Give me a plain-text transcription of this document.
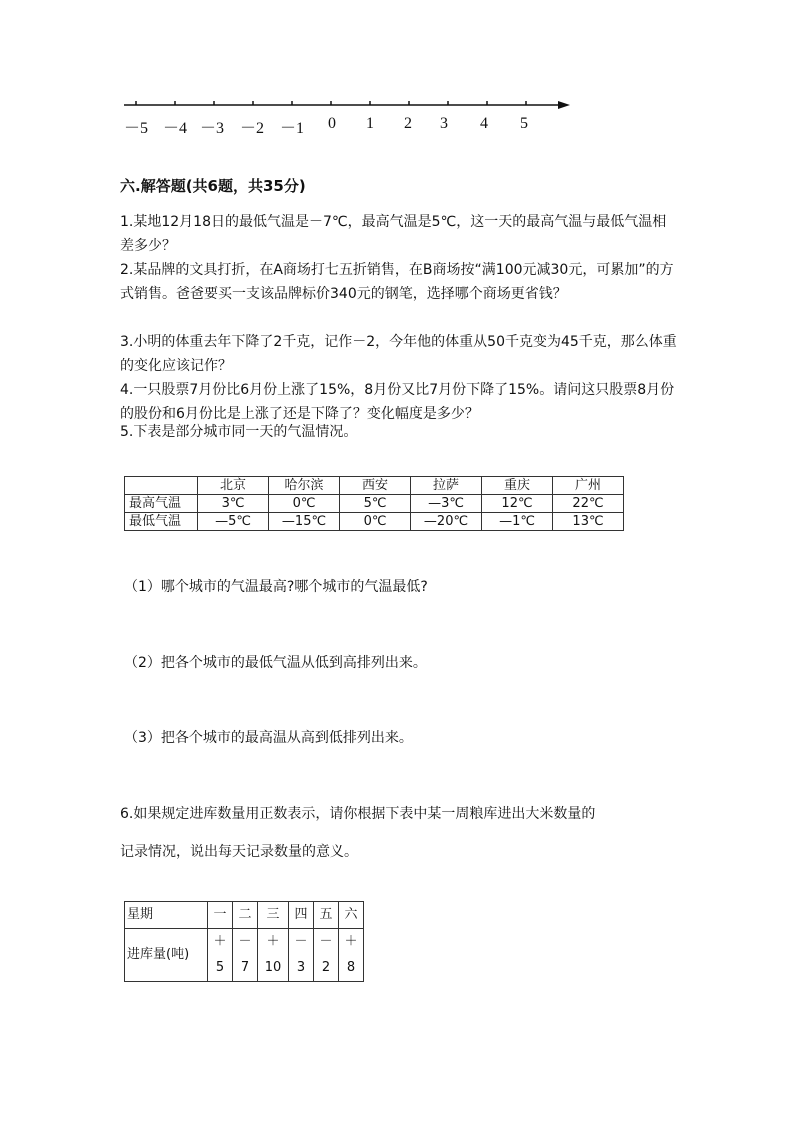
－5 －4 －3 －2 －1 0 1 2 3 4 5
六.解答题(共6题，共35分)
1.某地12月18日的最低气温是－7℃，最高气温是5℃，这一天的最高气温与最低气温相差多少？
2.某品牌的文具打折，在A商场打七五折销售，在B商场按“满100元减30元，可累加”的方式销售。爸爸要买一支该品牌标价340元的钢笔，选择哪个商场更省钱？
3.小明的体重去年下降了2千克，记作－2，今年他的体重从50千克变为45千克，那么体重的变化应该记作？
4.一只股票7月份比6月份上涨了15%，8月份又比7月份下降了15%。请问这只股票8月份的股份和6月份比是上涨了还是下降了？变化幅度是多少？
5.下表是部分城市同一天的气温情况。
	北京	哈尔滨	西安	拉萨	重庆	广州
最高气温	3℃	0℃	5℃	—3℃	12℃	22℃
最低气温	—5℃	—15℃	0℃	—20℃	—1℃	13℃
（1）哪个城市的气温最高?哪个城市的气温最低?
（2）把各个城市的最低气温从低到高排列出来。
（3）把各个城市的最高温从高到低排列出来。
6.如果规定进库数量用正数表示，请你根据下表中某一周粮库进出大米数量的
记录情况，说出每天记录数量的意义。
星期	一	二	三	四	五	六
进库量(吨)	＋5	－7	＋10	－3	－2	＋8
